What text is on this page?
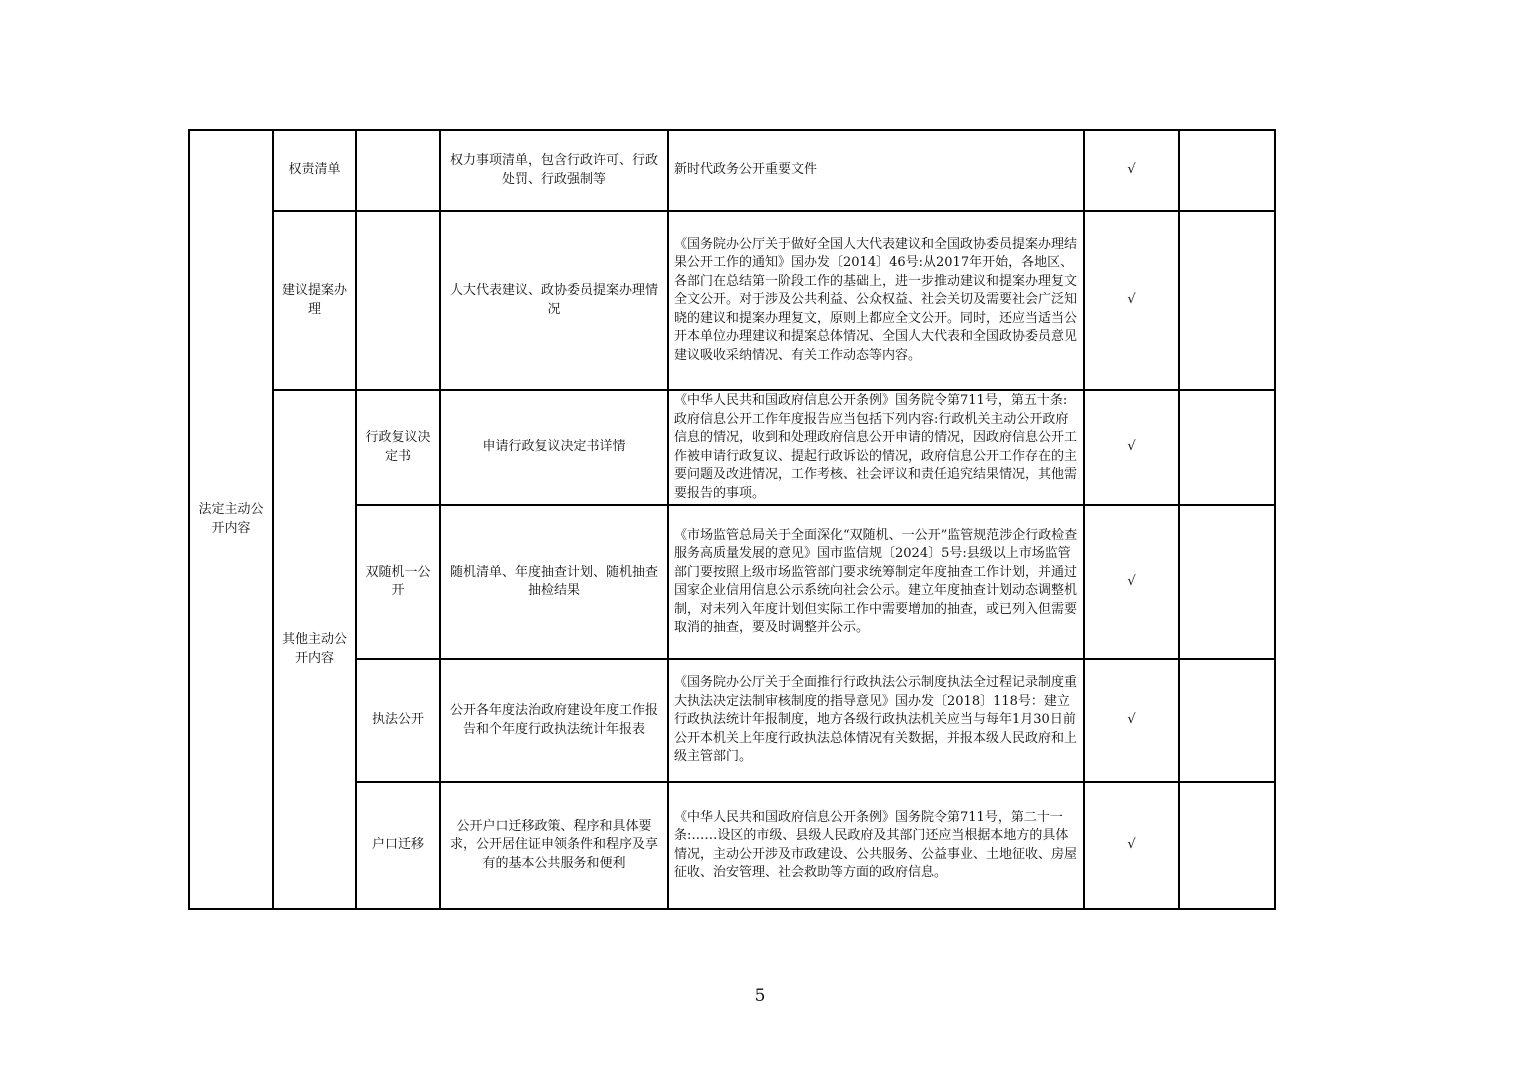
法定主动公开内容	权责清单		权力事项清单，包含行政许可、行政处罚、行政强制等	新时代政务公开重要文件	√	
	建议提案办理		人大代表建议、政协委员提案办理情况	《国务院办公厅关于做好全国人大代表建议和全国政协委员提案办理结果公开工作的通知》国办发〔2014〕46号:从2017年开始，各地区、各部门在总结第一阶段工作的基础上，进一步推动建议和提案办理复文全文公开。对于涉及公共利益、公众权益、社会关切及需要社会广泛知晓的建议和提案办理复文，原则上都应全文公开。同时，还应当适当公开本单位办理建议和提案总体情况、全国人大代表和全国政协委员意见建议吸收采纳情况、有关工作动态等内容。	√	
	其他主动公开内容	行政复议决定书	申请行政复议决定书详情	《中华人民共和国政府信息公开条例》国务院令第711号，第五十条:政府信息公开工作年度报告应当包括下列内容:行政机关主动公开政府信息的情况，收到和处理政府信息公开申请的情况，因政府信息公开工作被申请行政复议、提起行政诉讼的情况，政府信息公开工作存在的主要问题及改进情况，工作考核、社会评议和责任追究结果情况，其他需要报告的事项。	√	
		双随机一公开	随机清单、年度抽查计划、随机抽查抽检结果	《市场监管总局关于全面深化“双随机、一公开”监管规范涉企行政检查服务高质量发展的意见》国市监信规〔2024〕5号:县级以上市场监管部门要按照上级市场监管部门要求统筹制定年度抽查工作计划，并通过国家企业信用信息公示系统向社会公示。建立年度抽查计划动态调整机制，对未列入年度计划但实际工作中需要增加的抽查，或已列入但需要取消的抽查，要及时调整并公示。	√	
		执法公开	公开各年度法治政府建设年度工作报告和个年度行政执法统计年报表	《国务院办公厅关于全面推行行政执法公示制度执法全过程记录制度重大执法决定法制审核制度的指导意见》国办发〔2018〕118号：建立行政执法统计年报制度，地方各级行政执法机关应当与每年1月30日前公开本机关上年度行政执法总体情况有关数据，并报本级人民政府和上级主管部门。	√	
		户口迁移	公开户口迁移政策、程序和具体要求，公开居住证申领条件和程序及享有的基本公共服务和便利	《中华人民共和国政府信息公开条例》国务院令第711号，第二十一条:……设区的市级、县级人民政府及其部门还应当根据本地方的具体情况，主动公开涉及市政建设、公共服务、公益事业、土地征收、房屋征收、治安管理、社会救助等方面的政府信息。	√	
5
